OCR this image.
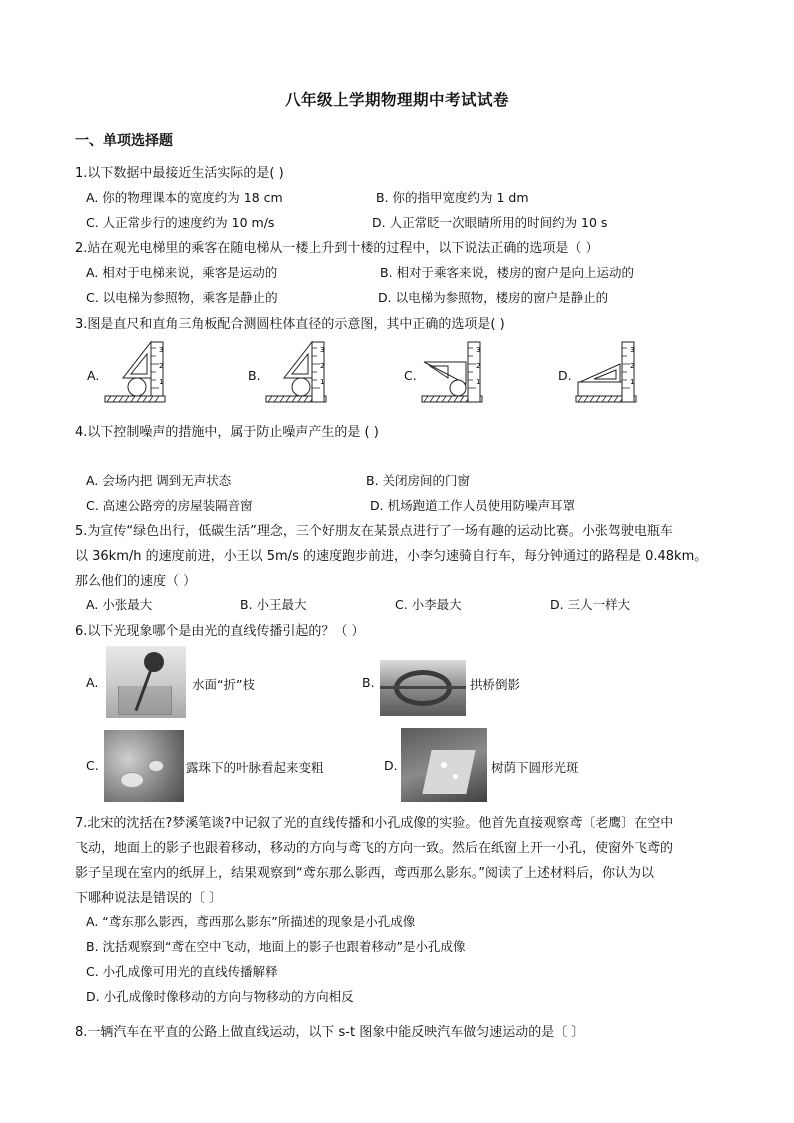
八年级上学期物理期中考试试卷
一、单项选择题
1.以下数据中最接近生活实际的是( )
A. 你的物理课本的宽度约为 18 cm	B. 你的指甲宽度约为 1 dm
C. 人正常步行的速度约为 10 m/s	D. 人正常眨一次眼睛所用的时间约为 10 s
2.站在观光电梯里的乘客在随电梯从一楼上升到十楼的过程中，以下说法正确的选项是（ ）
A. 相对于电梯来说，乘客是运动的	B. 相对于乘客来说，楼房的窗户是向上运动的
C. 以电梯为参照物，乘客是静止的	D. 以电梯为参照物，楼房的窗户是静止的
3.图是直尺和直角三角板配合测圆柱体直径的示意图，其中正确的选项是( )
A.
3
2
1	B.
3
2
1	C.
3
2
1	D.
3
2
1
4.以下控制噪声的措施中，属于防止噪声产生的是 ( )
A. 会场内把 调到无声状态	B. 关闭房间的门窗
C. 高速公路旁的房屋装隔音窗	D. 机场跑道工作人员使用防噪声耳罩
5.为宣传“绿色出行，低碳生活”理念，三个好朋友在某景点进行了一场有趣的运动比赛。小张驾驶电瓶车
以 36km/h 的速度前进，小王以 5m/s 的速度跑步前进，小李匀速骑自行车，每分钟通过的路程是 0.48km。
那么他们的速度（ ）
A. 小张最大	B. 小王最大	C. 小李最大	D. 三人一样大
6.以下光现象哪个是由光的直线传播引起的？（ ）
A.	水面“折”枝	B.	拱桥倒影
C.	露珠下的叶脉看起来变粗	D.	树荫下圆形光斑
7.北宋的沈括在?梦溪笔谈?中记叙了光的直线传播和小孔成像的实验。他首先直接观察鸢〔老鹰〕在空中
飞动，地面上的影子也跟着移动，移动的方向与鸢飞的方向一致。然后在纸窗上开一小孔，使窗外飞鸢的
影子呈现在室内的纸屏上，结果观察到“鸢东那么影西，鸢西那么影东。”阅读了上述材料后，你认为以
下哪种说法是错误的〔 〕
A. “鸢东那么影西，鸢西那么影东”所描述的现象是小孔成像
B. 沈括观察到“鸢在空中飞动，地面上的影子也跟着移动”是小孔成像
C. 小孔成像可用光的直线传播解释
D. 小孔成像时像移动的方向与物移动的方向相反
8.一辆汽车在平直的公路上做直线运动，以下 s-t 图象中能反映汽车做匀速运动的是〔 〕
